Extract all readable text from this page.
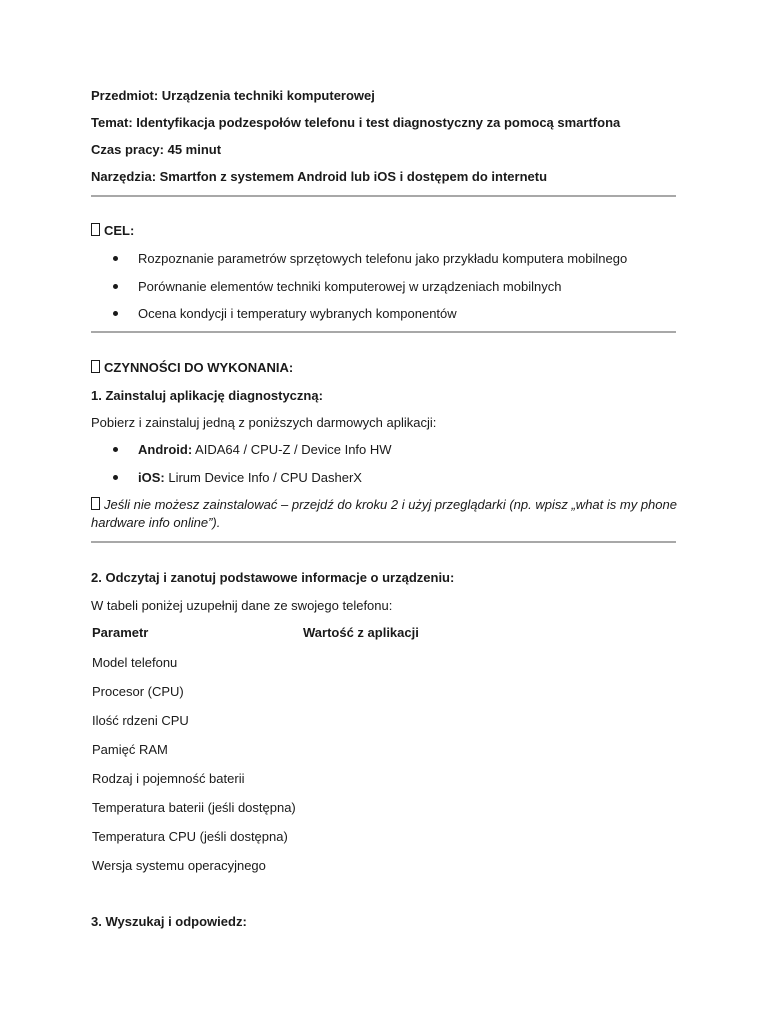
Przedmiot: Urządzenia techniki komputerowej
Temat: Identyfikacja podzespołów telefonu i test diagnostyczny za pomocą smartfona
Czas pracy: 45 minut
Narzędzia: Smartfon z systemem Android lub iOS i dostępem do internetu
CEL:
Rozpoznanie parametrów sprzętowych telefonu jako przykładu komputera mobilnego
Porównanie elementów techniki komputerowej w urządzeniach mobilnych
Ocena kondycji i temperatury wybranych komponentów
CZYNNOŚCI DO WYKONANIA:
1. Zainstaluj aplikację diagnostyczną:
Pobierz i zainstaluj jedną z poniższych darmowych aplikacji:
Android: AIDA64 / CPU-Z / Device Info HW
iOS: Lirum Device Info / CPU DasherX
Jeśli nie możesz zainstalować – przejdź do kroku 2 i użyj przeglądarki (np. wpisz „what is my phone
hardware info online”).
2. Odczytaj i zanotuj podstawowe informacje o urządzeniu:
W tabeli poniżej uzupełnij dane ze swojego telefonu:
Parametr	Wartość z aplikacji
Model telefonu
Procesor (CPU)
Ilość rdzeni CPU
Pamięć RAM
Rodzaj i pojemność baterii
Temperatura baterii (jeśli dostępna)
Temperatura CPU (jeśli dostępna)
Wersja systemu operacyjnego
3. Wyszukaj i odpowiedz:
